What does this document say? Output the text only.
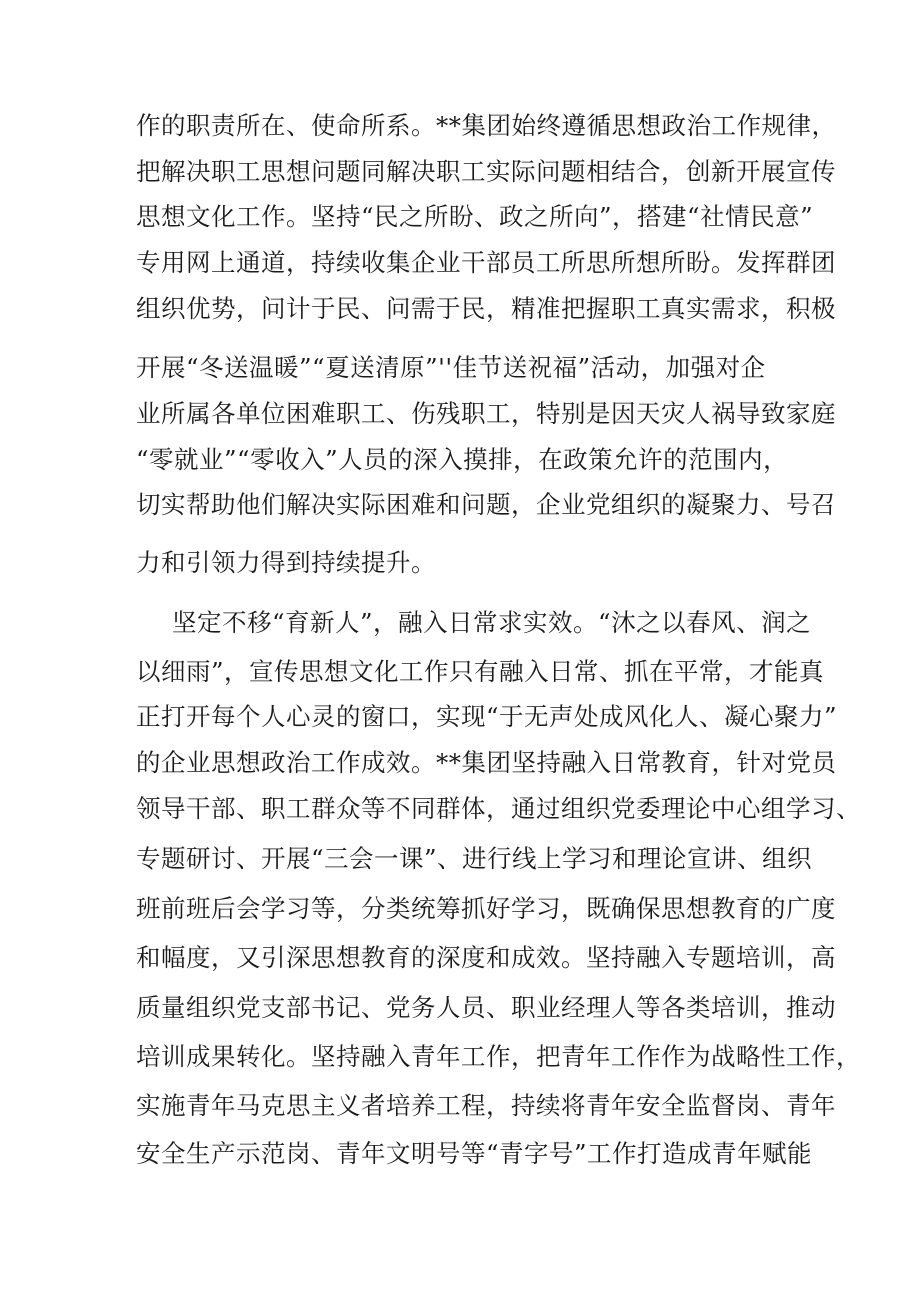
作的职责所在、使命所系。**集团始终遵循思想政治工作规律，
把解决职工思想问题同解决职工实际问题相结合，创新开展宣传
思想文化工作。坚持“民之所盼、政之所向”，搭建“社情民意”
专用网上通道，持续收集企业干部员工所思所想所盼。发挥群团
组织优势，问计于民、问需于民，精准把握职工真实需求，积极
开展“冬送温暖”“夏送清原”''佳节送祝福”活动，加强对企
业所属各单位困难职工、伤残职工，特别是因天灾人祸导致家庭
“零就业”“零收入”人员的深入摸排，在政策允许的范围内，
切实帮助他们解决实际困难和问题，企业党组织的凝聚力、号召
力和引领力得到持续提升。
坚定不移“育新人”，融入日常求实效。“沐之以春风、润之
以细雨”，宣传思想文化工作只有融入日常、抓在平常，才能真
正打开每个人心灵的窗口，实现“于无声处成风化人、凝心聚力”
的企业思想政治工作成效。**集团坚持融入日常教育，针对党员
领导干部、职工群众等不同群体，通过组织党委理论中心组学习、
专题研讨、开展“三会一课”、进行线上学习和理论宣讲、组织
班前班后会学习等，分类统筹抓好学习，既确保思想教育的广度
和幅度，又引深思想教育的深度和成效。坚持融入专题培训，高
质量组织党支部书记、党务人员、职业经理人等各类培训，推动
培训成果转化。坚持融入青年工作，把青年工作作为战略性工作，
实施青年马克思主义者培养工程，持续将青年安全监督岗、青年
安全生产示范岗、青年文明号等“青字号”工作打造成青年赋能
